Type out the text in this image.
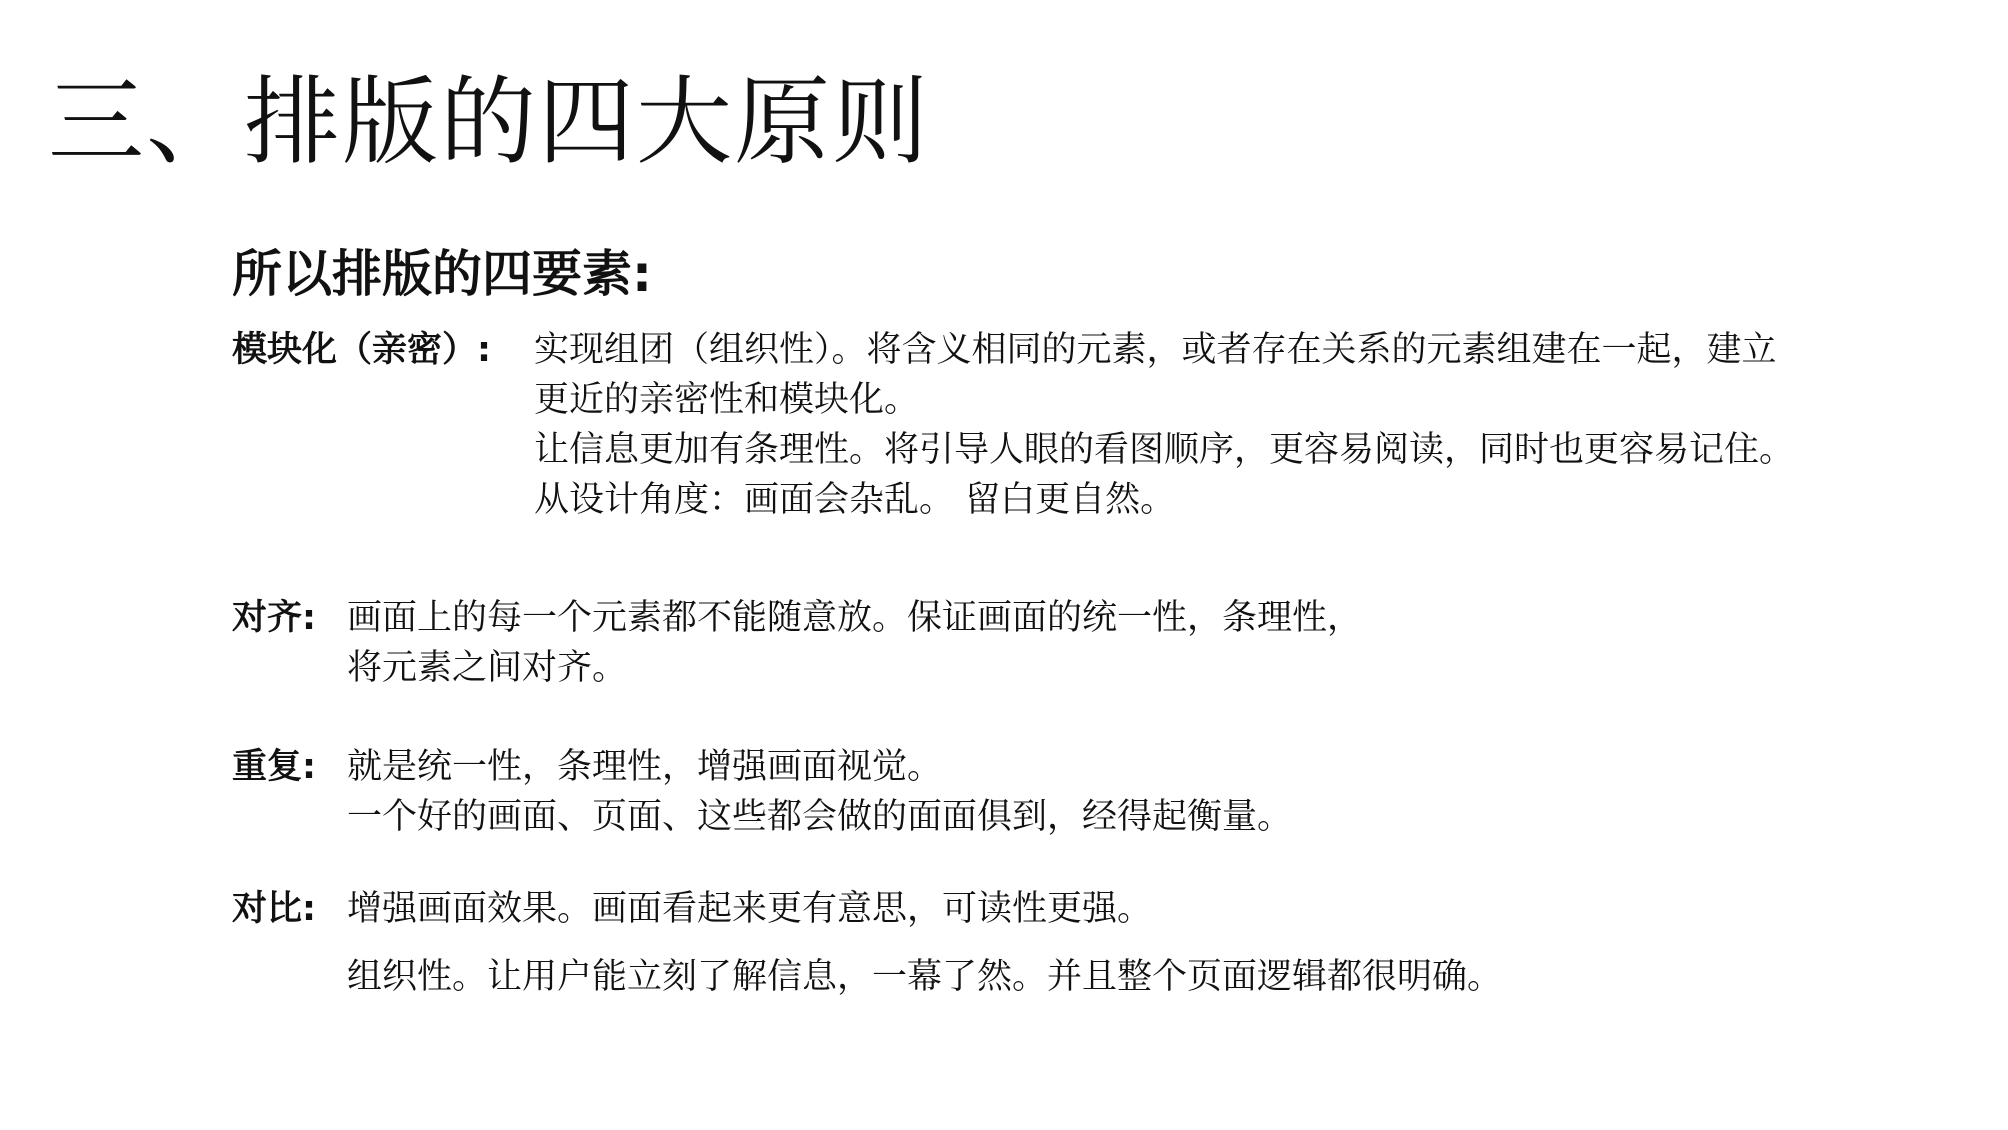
三、排版的四大原则
所以排版的四要素:
模块化（亲密）: 实现组团（组织性）。将含义相同的元素，或者存在关系的元素组建在一起，建立
更近的亲密性和模块化。
让信息更加有条理性。将引导人眼的看图顺序，更容易阅读，同时也更容易记住。
从设计角度：画面会杂乱。 留白更自然。
对齐: 画面上的每一个元素都不能随意放。保证画面的统一性，条理性，
将元素之间对齐。
重复: 就是统一性，条理性，增强画面视觉。
一个好的画面、页面、这些都会做的面面俱到，经得起衡量。
对比: 增强画面效果。画面看起来更有意思，可读性更强。
组织性。让用户能立刻了解信息，一幕了然。并且整个页面逻辑都很明确。
